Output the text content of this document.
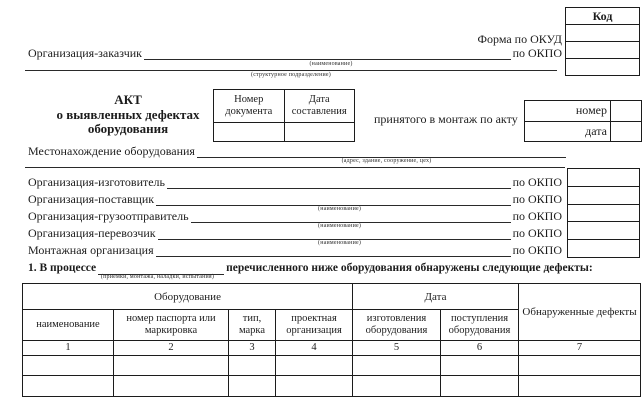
Код
Форма по ОКУД
Организация-заказчик	по ОКПО
(наименование)
(структурное подразделение)
АКТ
о выявленных дефектах
оборудования
Номер документа
Дата составления
принятого в монтаж по акту
номер
дата
Местонахождение оборудования
(адрес, здание, сооружение, цех)
Организация-изготовитель	по ОКПО
Организация-поставщик	по ОКПО
(наименование)
Организация-грузоотправитель	по ОКПО
(наименование)
Организация-перевозчик	по ОКПО
(наименование)
Монтажная организация	по ОКПО
1. В процессе	перечисленного ниже оборудования обнаружены следующие дефекты:
(приемки, монтажа, наладки, испытания)
Оборудование				Дата		Обнаруженные дефекты
наименование	номер паспорта или маркировка	тип, марка	проектная организация	изготовления оборудования	поступления оборудования	
1	2	3	4	5	6	7
